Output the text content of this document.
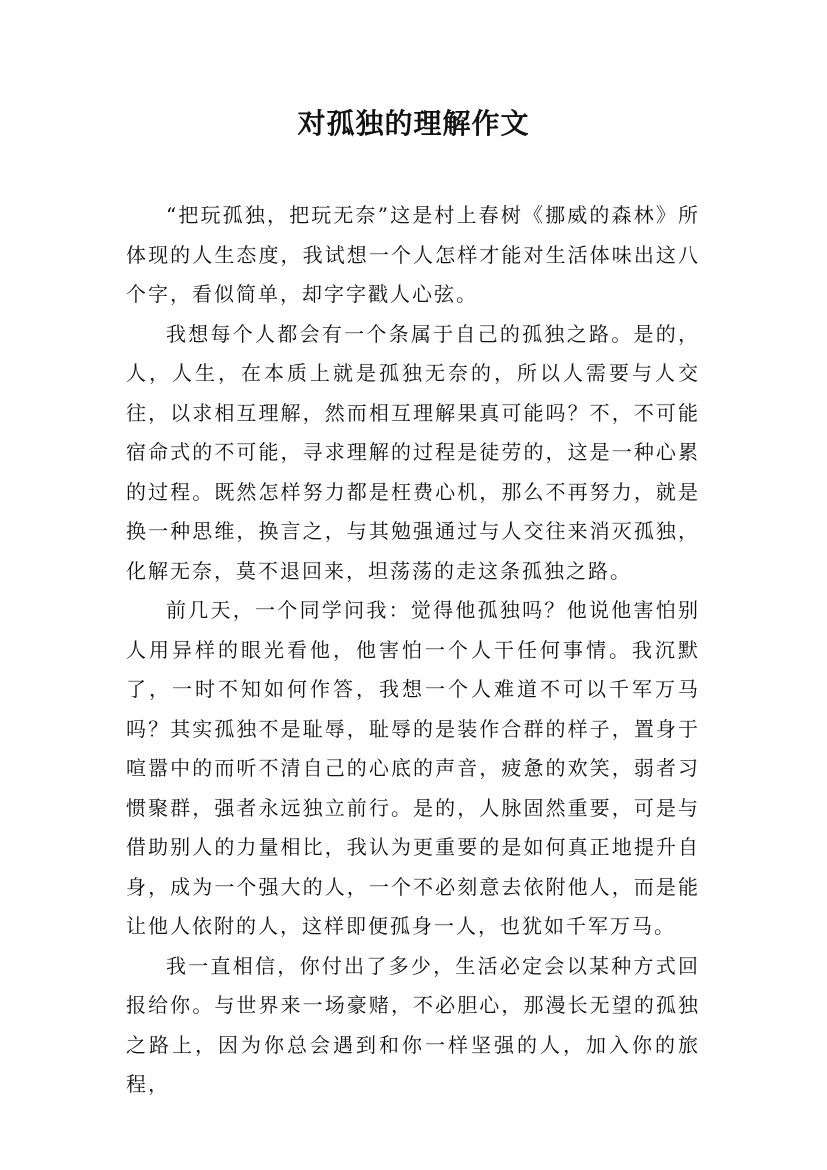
对孤独的理解作文

“把玩孤独，把玩无奈”这是村上春树《挪威的森林》所体现的人生态度，我试想一个人怎样才能对生活体味出这八个字，看似简单，却字字戳人心弦。

我想每个人都会有一个条属于自己的孤独之路。是的，人，人生，在本质上就是孤独无奈的，所以人需要与人交往，以求相互理解，然而相互理解果真可能吗？不，不可能宿命式的不可能，寻求理解的过程是徒劳的，这是一种心累的过程。既然怎样努力都是枉费心机，那么不再努力，就是换一种思维，换言之，与其勉强通过与人交往来消灭孤独，化解无奈，莫不退回来，坦荡荡的走这条孤独之路。

前几天，一个同学问我：觉得他孤独吗？他说他害怕别人用异样的眼光看他，他害怕一个人干任何事情。我沉默了，一时不知如何作答，我想一个人难道不可以千军万马吗？其实孤独不是耻辱，耻辱的是装作合群的样子，置身于喧嚣中的而听不清自己的心底的声音，疲惫的欢笑，弱者习惯聚群，强者永远独立前行。是的，人脉固然重要，可是与借助别人的力量相比，我认为更重要的是如何真正地提升自身，成为一个强大的人，一个不必刻意去依附他人，而是能让他人依附的人，这样即便孤身一人，也犹如千军万马。

我一直相信，你付出了多少，生活必定会以某种方式回报给你。与世界来一场豪赌，不必胆心，那漫长无望的孤独之路上，因为你总会遇到和你一样坚强的人，加入你的旅程，
